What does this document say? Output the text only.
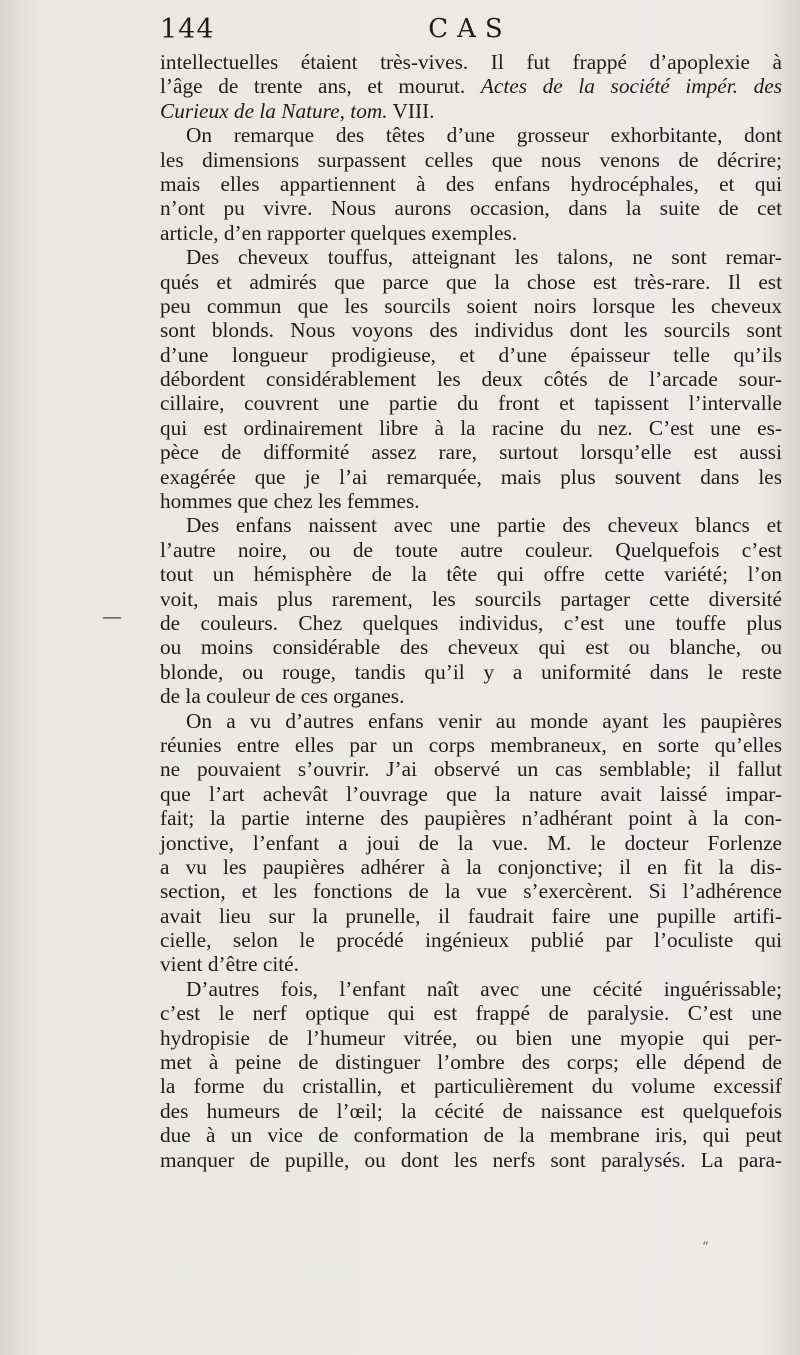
144	CAS
intellectuelles étaient très-vives. Il fut frappé d’apoplexie à
l’âge de trente ans, et mourut. Actes de la société impér. des
Curieux de la Nature, tom. VIII.
On remarque des têtes d’une grosseur exhorbitante, dont
les dimensions surpassent celles que nous venons de décrire;
mais elles appartiennent à des enfans hydrocéphales, et qui
n’ont pu vivre. Nous aurons occasion, dans la suite de cet
article, d’en rapporter quelques exemples.
Des cheveux touffus, atteignant les talons, ne sont remar-
qués et admirés que parce que la chose est très-rare. Il est
peu commun que les sourcils soient noirs lorsque les cheveux
sont blonds. Nous voyons des individus dont les sourcils sont
d’une longueur prodigieuse, et d’une épaisseur telle qu’ils
débordent considérablement les deux côtés de l’arcade sour-
cillaire, couvrent une partie du front et tapissent l’intervalle
qui est ordinairement libre à la racine du nez. C’est une es-
pèce de difformité assez rare, surtout lorsqu’elle est aussi
exagérée que je l’ai remarquée, mais plus souvent dans les
hommes que chez les femmes.
Des enfans naissent avec une partie des cheveux blancs et
l’autre noire, ou de toute autre couleur. Quelquefois c’est
tout un hémisphère de la tête qui offre cette variété; l’on
voit, mais plus rarement, les sourcils partager cette diversité
de couleurs. Chez quelques individus, c’est une touffe plus
ou moins considérable des cheveux qui est ou blanche, ou
blonde, ou rouge, tandis qu’il y a uniformité dans le reste
de la couleur de ces organes.
On a vu d’autres enfans venir au monde ayant les paupières
réunies entre elles par un corps membraneux, en sorte qu’elles
ne pouvaient s’ouvrir. J’ai observé un cas semblable; il fallut
que l’art achevât l’ouvrage que la nature avait laissé impar-
fait; la partie interne des paupières n’adhérant point à la con-
jonctive, l’enfant a joui de la vue. M. le docteur Forlenze
a vu les paupières adhérer à la conjonctive; il en fit la dis-
section, et les fonctions de la vue s’exercèrent. Si l’adhérence
avait lieu sur la prunelle, il faudrait faire une pupille artifi-
cielle, selon le procédé ingénieux publié par l’oculiste qui
vient d’être cité.
D’autres fois, l’enfant naît avec une cécité inguérissable;
c’est le nerf optique qui est frappé de paralysie. C’est une
hydropisie de l’humeur vitrée, ou bien une myopie qui per-
met à peine de distinguer l’ombre des corps; elle dépend de
la forme du cristallin, et particulièrement du volume excessif
des humeurs de l’œil; la cécité de naissance est quelquefois
due à un vice de conformation de la membrane iris, qui peut
manquer de pupille, ou dont les nerfs sont paralysés. La para-
—
“
